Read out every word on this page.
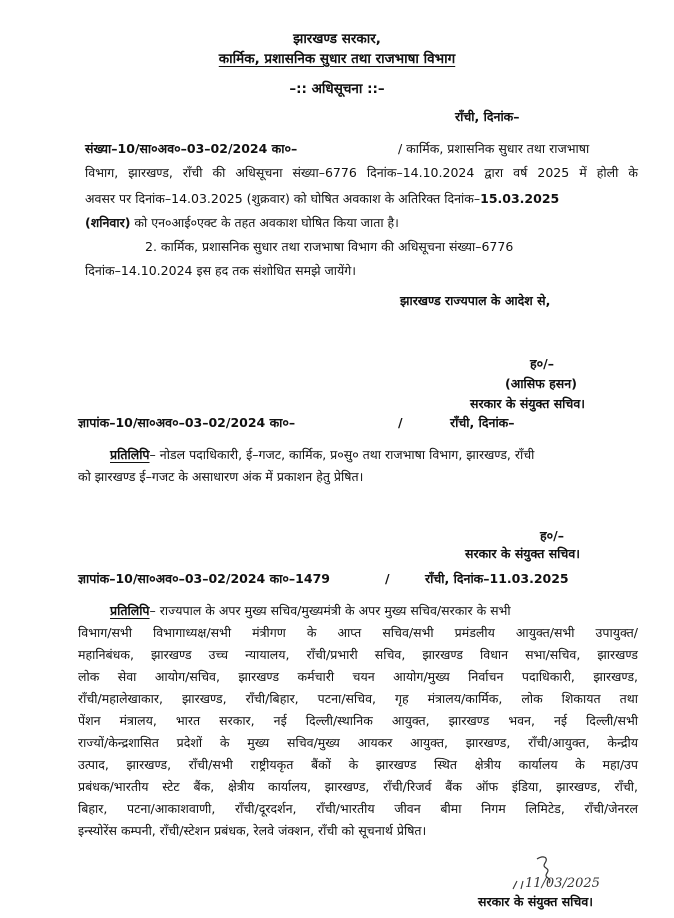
झारखण्ड सरकार,
कार्मिक, प्रशासनिक सुधार तथा राजभाषा विभाग
–:: अधिसूचना ::–
राँची, दिनांक–
संख्या–10/सा०अव०–03–02/2024 का०–	/ कार्मिक, प्रशासनिक सुधार तथा राजभाषा
विभाग, झारखण्ड, राँची की अधिसूचना संख्या–6776 दिनांक–14.10.2024 द्वारा वर्ष 2025 में होली के
अवसर पर दिनांक–14.03.2025 (शुक्रवार) को घोषित अवकाश के अतिरिक्त दिनांक–15.03.2025
(शनिवार) को एन०आई०एक्ट के तहत अवकाश घोषित किया जाता है।
2. कार्मिक, प्रशासनिक सुधार तथा राजभाषा विभाग की अधिसूचना संख्या–6776
दिनांक–14.10.2024 इस हद तक संशोधित समझे जायेंगे।
झारखण्ड राज्यपाल के आदेश से,
ह०/–
(आसिफ हसन)
सरकार के संयुक्त सचिव।
ज्ञापांक–10/सा०अव०–03–02/2024 का०–	/	राँची, दिनांक–
प्रतिलिपि– नोडल पदाधिकारी, ई–गजट, कार्मिक, प्र०सु० तथा राजभाषा विभाग, झारखण्ड, राँची
को झारखण्ड ई–गजट के असाधारण अंक में प्रकाशन हेतु प्रेषित।
ह०/–
सरकार के संयुक्त सचिव।
ज्ञापांक–10/सा०अव०–03–02/2024 का०–1479	/	राँची, दिनांक–11.03.2025
प्रतिलिपि– राज्यपाल के अपर मुख्य सचिव/मुख्यमंत्री के अपर मुख्य सचिव/सरकार के सभी
विभाग/सभी विभागाध्यक्ष/सभी मंत्रीगण के आप्त सचिव/सभी प्रमंडलीय आयुक्त/सभी उपायुक्त/
महानिबंधक, झारखण्ड उच्च न्यायालय, राँची/प्रभारी सचिव, झारखण्ड विधान सभा/सचिव, झारखण्ड
लोक सेवा आयोग/सचिव, झारखण्ड कर्मचारी चयन आयोग/मुख्य निर्वाचन पदाधिकारी, झारखण्ड,
राँची/महालेखाकार, झारखण्ड, राँची/बिहार, पटना/सचिव, गृह मंत्रालय/कार्मिक, लोक शिकायत तथा
पेंशन मंत्रालय, भारत सरकार, नई दिल्ली/स्थानिक आयुक्त, झारखण्ड भवन, नई दिल्ली/सभी
राज्यों/केन्द्रशासित प्रदेशों के मुख्य सचिव/मुख्य आयकर आयुक्त, झारखण्ड, राँची/आयुक्त, केन्द्रीय
उत्पाद, झारखण्ड, राँची/सभी राष्ट्रीयकृत बैंकों के झारखण्ड स्थित क्षेत्रीय कार्यालय के महा/उप
प्रबंधक/भारतीय स्टेट बैंक, क्षेत्रीय कार्यालय, झारखण्ड, राँची/रिजर्व बैंक ऑफ इंडिया, झारखण्ड, राँची,
बिहार, पटना/आकाशवाणी, राँची/दूरदर्शन, राँची/भारतीय जीवन बीमा निगम लिमिटेड, राँची/जेनरल
इन्स्योरेंस कम्पनी, राँची/स्टेशन प्रबंधक, रेलवे जंक्शन, राँची को सूचनार्थ प्रेषित।
11/03/2025
सरकार के संयुक्त सचिव।
